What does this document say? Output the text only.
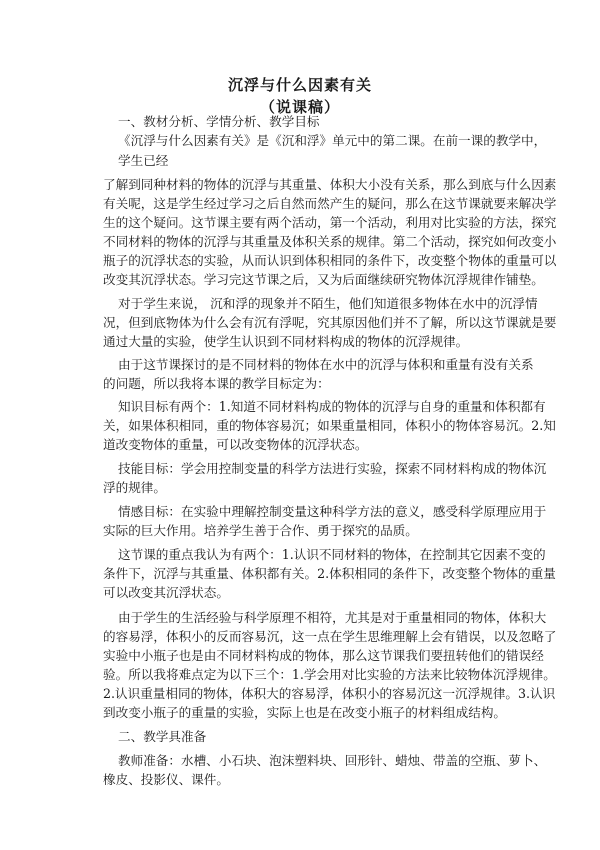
沉浮与什么因素有关
（说课稿）
一、教材分析、学情分析、教学目标
《沉浮与什么因素有关》是《沉和浮》单元中的第二课。在前一课的教学中，
学生已经
了解到同种材料的物体的沉浮与其重量、体积大小没有关系，那么到底与什么因素
有关呢，这是学生经过学习之后自然而然产生的疑问，那么在这节课就要来解决学
生的这个疑问。这节课主要有两个活动，第一个活动，利用对比实验的方法，探究
不同材料的物体的沉浮与其重量及体积关系的规律。第二个活动，探究如何改变小
瓶子的沉浮状态的实验，从而认识到体积相同的条件下，改变整个物体的重量可以
改变其沉浮状态。学习完这节课之后，又为后面继续研究物体沉浮规律作铺垫。
对于学生来说， 沉和浮的现象并不陌生，他们知道很多物体在水中的沉浮情
况，但到底物体为什么会有沉有浮呢，究其原因他们并不了解，所以这节课就是要
通过大量的实验，使学生认识到不同材料构成的物体的沉浮规律。
由于这节课探讨的是不同材料的物体在水中的沉浮与体积和重量有没有关系
的问题，所以我将本课的教学目标定为：
知识目标有两个：1.知道不同材料构成的物体的沉浮与自身的重量和体积都有
关，如果体积相同，重的物体容易沉；如果重量相同，体积小的物体容易沉。2.知
道改变物体的重量，可以改变物体的沉浮状态。
技能目标：学会用控制变量的科学方法进行实验，探索不同材料构成的物体沉
浮的规律。
情感目标：在实验中理解控制变量这种科学方法的意义，感受科学原理应用于
实际的巨大作用。培养学生善于合作、勇于探究的品质。
这节课的重点我认为有两个：1.认识不同材料的物体，在控制其它因素不变的
条件下，沉浮与其重量、体积都有关。2.体积相同的条件下，改变整个物体的重量
可以改变其沉浮状态。
由于学生的生活经验与科学原理不相符，尤其是对于重量相同的物体，体积大
的容易浮，体积小的反而容易沉，这一点在学生思维理解上会有错误，以及忽略了
实验中小瓶子也是由不同材料构成的物体，那么这节课我们要扭转他们的错误经
验。所以我将难点定为以下三个：1.学会用对比实验的方法来比较物体沉浮规律。
2.认识重量相同的物体，体积大的容易浮，体积小的容易沉这一沉浮规律。3.认识
到改变小瓶子的重量的实验，实际上也是在改变小瓶子的材料组成结构。
二、教学具准备
教师准备：水槽、小石块、泡沫塑料块、回形针、蜡烛、带盖的空瓶、萝卜、
橡皮、投影仪、课件。
